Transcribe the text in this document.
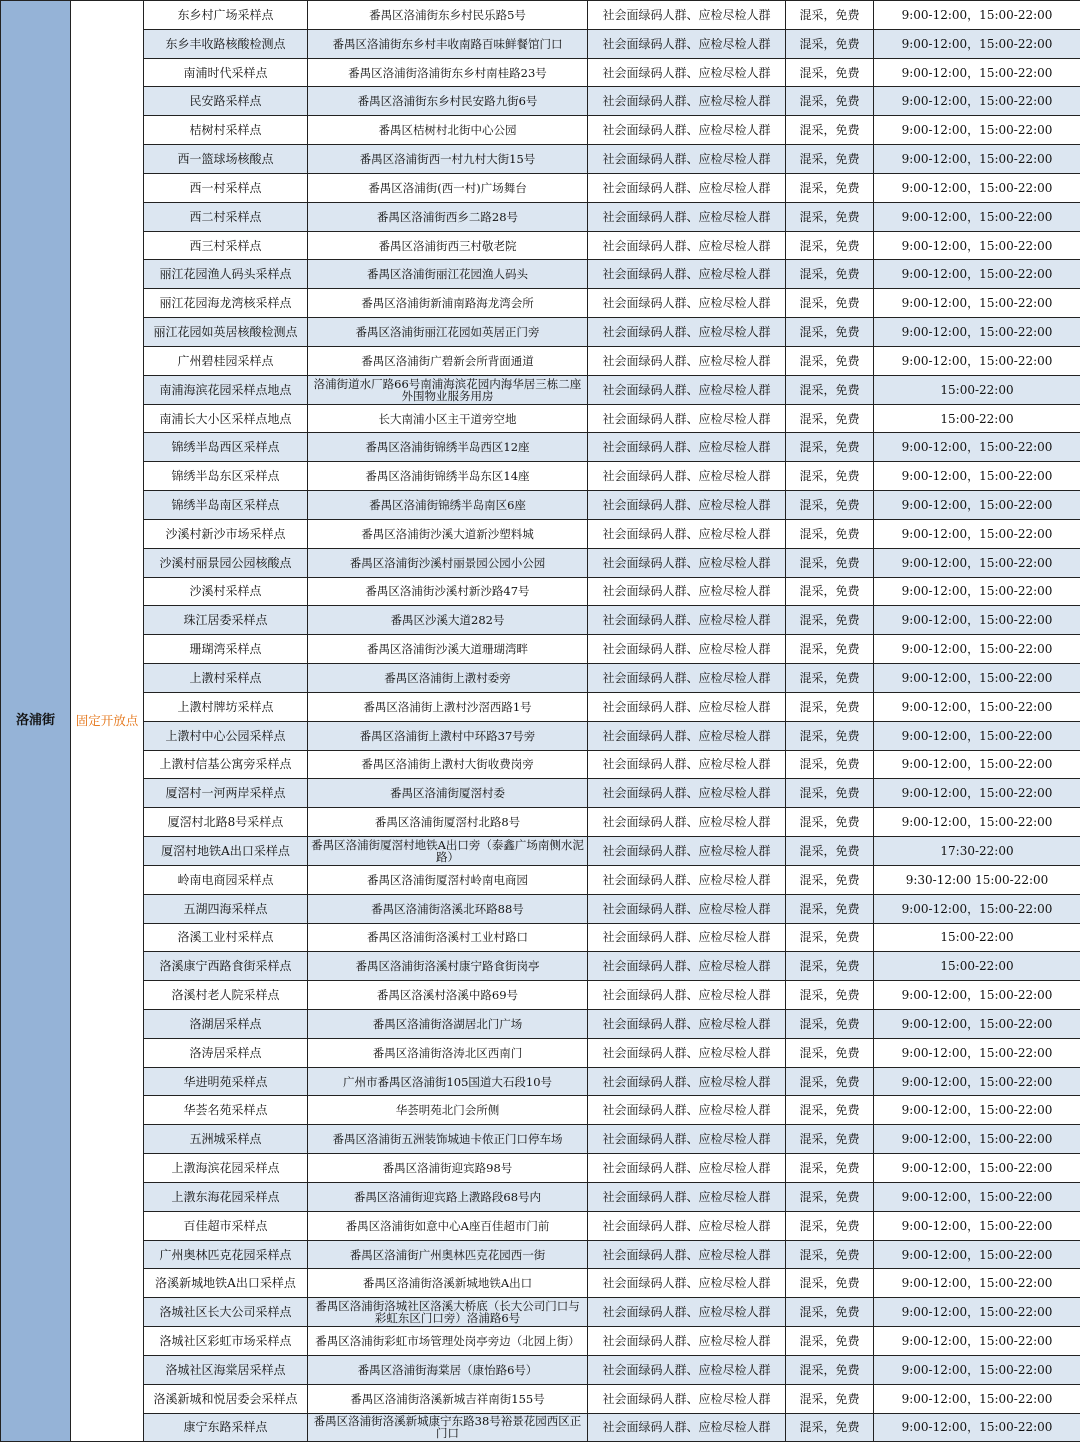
洛浦街	固定开放点	东乡村广场采样点	番禺区洛浦街东乡村民乐路5号	社会面绿码人群、应检尽检人群	混采，免费	9:00-12:00，15:00-22:00
		东乡丰收路核酸检测点	番禺区洛浦街东乡村丰收南路百味鲜餐馆门口	社会面绿码人群、应检尽检人群	混采，免费	9:00-12:00，15:00-22:00
		南浦时代采样点	番禺区洛浦街洛浦街东乡村南桂路23号	社会面绿码人群、应检尽检人群	混采，免费	9:00-12:00，15:00-22:00
		民安路采样点	番禺区洛浦街东乡村民安路九街6号	社会面绿码人群、应检尽检人群	混采，免费	9:00-12:00，15:00-22:00
		桔树村采样点	番禺区桔树村北街中心公园	社会面绿码人群、应检尽检人群	混采，免费	9:00-12:00，15:00-22:00
		西一篮球场核酸点	番禺区洛浦街西一村九村大街15号	社会面绿码人群、应检尽检人群	混采，免费	9:00-12:00，15:00-22:00
		西一村采样点	番禺区洛浦街(西一村)广场舞台	社会面绿码人群、应检尽检人群	混采，免费	9:00-12:00，15:00-22:00
		西二村采样点	番禺区洛浦街西乡二路28号	社会面绿码人群、应检尽检人群	混采，免费	9:00-12:00，15:00-22:00
		西三村采样点	番禺区洛浦街西三村敬老院	社会面绿码人群、应检尽检人群	混采，免费	9:00-12:00，15:00-22:00
		丽江花园渔人码头采样点	番禺区洛浦街丽江花园渔人码头	社会面绿码人群、应检尽检人群	混采，免费	9:00-12:00，15:00-22:00
		丽江花园海龙湾核采样点	番禺区洛浦街新浦南路海龙湾会所	社会面绿码人群、应检尽检人群	混采，免费	9:00-12:00，15:00-22:00
		丽江花园如英居核酸检测点	番禺区洛浦街丽江花园如英居正门旁	社会面绿码人群、应检尽检人群	混采，免费	9:00-12:00，15:00-22:00
		广州碧桂园采样点	番禺区洛浦街广碧新会所背面通道	社会面绿码人群、应检尽检人群	混采，免费	9:00-12:00，15:00-22:00
		南浦海滨花园采样点地点	洛浦街道水厂路66号南浦海滨花园内海华居三栋二座外围物业服务用房	社会面绿码人群、应检尽检人群	混采，免费	15:00-22:00
		南浦长大小区采样点地点	长大南浦小区主干道旁空地	社会面绿码人群、应检尽检人群	混采，免费	15:00-22:00
		锦绣半岛西区采样点	番禺区洛浦街锦绣半岛西区12座	社会面绿码人群、应检尽检人群	混采，免费	9:00-12:00，15:00-22:00
		锦绣半岛东区采样点	番禺区洛浦街锦绣半岛东区14座	社会面绿码人群、应检尽检人群	混采，免费	9:00-12:00，15:00-22:00
		锦绣半岛南区采样点	番禺区洛浦街锦绣半岛南区6座	社会面绿码人群、应检尽检人群	混采，免费	9:00-12:00，15:00-22:00
		沙溪村新沙市场采样点	番禺区洛浦街沙溪大道新沙塑料城	社会面绿码人群、应检尽检人群	混采，免费	9:00-12:00，15:00-22:00
		沙溪村丽景园公园核酸点	番禺区洛浦街沙溪村丽景园公园小公园	社会面绿码人群、应检尽检人群	混采，免费	9:00-12:00，15:00-22:00
		沙溪村采样点	番禺区洛浦街沙溪村新沙路47号	社会面绿码人群、应检尽检人群	混采，免费	9:00-12:00，15:00-22:00
		珠江居委采样点	番禺区沙溪大道282号	社会面绿码人群、应检尽检人群	混采，免费	9:00-12:00，15:00-22:00
		珊瑚湾采样点	番禺区洛浦街沙溪大道珊瑚湾畔	社会面绿码人群、应检尽检人群	混采，免费	9:00-12:00，15:00-22:00
		上漖村采样点	番禺区洛浦街上漖村委旁	社会面绿码人群、应检尽检人群	混采，免费	9:00-12:00，15:00-22:00
		上漖村牌坊采样点	番禺区洛浦街上漖村沙滘西路1号	社会面绿码人群、应检尽检人群	混采，免费	9:00-12:00，15:00-22:00
		上漖村中心公园采样点	番禺区洛浦街上漖村中环路37号旁	社会面绿码人群、应检尽检人群	混采，免费	9:00-12:00，15:00-22:00
		上漖村信基公寓旁采样点	番禺区洛浦街上漖村大街收费岗旁	社会面绿码人群、应检尽检人群	混采，免费	9:00-12:00，15:00-22:00
		厦滘村一河两岸采样点	番禺区洛浦街厦滘村委	社会面绿码人群、应检尽检人群	混采，免费	9:00-12:00，15:00-22:00
		厦滘村北路8号采样点	番禺区洛浦街厦滘村北路8号	社会面绿码人群、应检尽检人群	混采，免费	9:00-12:00，15:00-22:00
		厦滘村地铁A出口采样点	番禺区洛浦街厦滘村地铁A出口旁（泰鑫广场南侧水泥路）	社会面绿码人群、应检尽检人群	混采，免费	17:30-22:00
		岭南电商园采样点	番禺区洛浦街厦滘村岭南电商园	社会面绿码人群、应检尽检人群	混采，免费	9:30-12:00 15:00-22:00
		五湖四海采样点	番禺区洛浦街洛溪北环路88号	社会面绿码人群、应检尽检人群	混采，免费	9:00-12:00，15:00-22:00
		洛溪工业村采样点	番禺区洛浦街洛溪村工业村路口	社会面绿码人群、应检尽检人群	混采，免费	15:00-22:00
		洛溪康宁西路食街采样点	番禺区洛浦街洛溪村康宁路食街岗亭	社会面绿码人群、应检尽检人群	混采，免费	15:00-22:00
		洛溪村老人院采样点	番禺区洛溪村洛溪中路69号	社会面绿码人群、应检尽检人群	混采，免费	9:00-12:00，15:00-22:00
		洛湖居采样点	番禺区洛浦街洛湖居北门广场	社会面绿码人群、应检尽检人群	混采，免费	9:00-12:00，15:00-22:00
		洛涛居采样点	番禺区洛浦街洛涛北区西南门	社会面绿码人群、应检尽检人群	混采，免费	9:00-12:00，15:00-22:00
		华进明苑采样点	广州市番禺区洛浦街105国道大石段10号	社会面绿码人群、应检尽检人群	混采，免费	9:00-12:00，15:00-22:00
		华荟名苑采样点	华荟明苑北门会所侧	社会面绿码人群、应检尽检人群	混采，免费	9:00-12:00，15:00-22:00
		五洲城采样点	番禺区洛浦街五洲装饰城迪卡侬正门口停车场	社会面绿码人群、应检尽检人群	混采，免费	9:00-12:00，15:00-22:00
		上漖海滨花园采样点	番禺区洛浦街迎宾路98号	社会面绿码人群、应检尽检人群	混采，免费	9:00-12:00，15:00-22:00
		上漖东海花园采样点	番禺区洛浦街迎宾路上漖路段68号内	社会面绿码人群、应检尽检人群	混采，免费	9:00-12:00，15:00-22:00
		百佳超市采样点	番禺区洛浦街如意中心A座百佳超市门前	社会面绿码人群、应检尽检人群	混采，免费	9:00-12:00，15:00-22:00
		广州奥林匹克花园采样点	番禺区洛浦街广州奥林匹克花园西一街	社会面绿码人群、应检尽检人群	混采，免费	9:00-12:00，15:00-22:00
		洛溪新城地铁A出口采样点	番禺区洛浦街洛溪新城地铁A出口	社会面绿码人群、应检尽检人群	混采，免费	9:00-12:00，15:00-22:00
		洛城社区长大公司采样点	番禺区洛浦街洛城社区洛溪大桥底（长大公司门口与彩虹东区门口旁）洛浦路6号	社会面绿码人群、应检尽检人群	混采，免费	9:00-12:00，15:00-22:00
		洛城社区彩虹市场采样点	番禺区洛浦街彩虹市场管理处岗亭旁边（北园上街）	社会面绿码人群、应检尽检人群	混采，免费	9:00-12:00，15:00-22:00
		洛城社区海棠居采样点	番禺区洛浦街海棠居（康怡路6号）	社会面绿码人群、应检尽检人群	混采，免费	9:00-12:00，15:00-22:00
		洛溪新城和悦居委会采样点	番禺区洛浦街洛溪新城吉祥南街155号	社会面绿码人群、应检尽检人群	混采，免费	9:00-12:00，15:00-22:00
		康宁东路采样点	番禺区洛浦街洛溪新城康宁东路38号裕景花园西区正门口	社会面绿码人群、应检尽检人群	混采，免费	9:00-12:00，15:00-22:00
